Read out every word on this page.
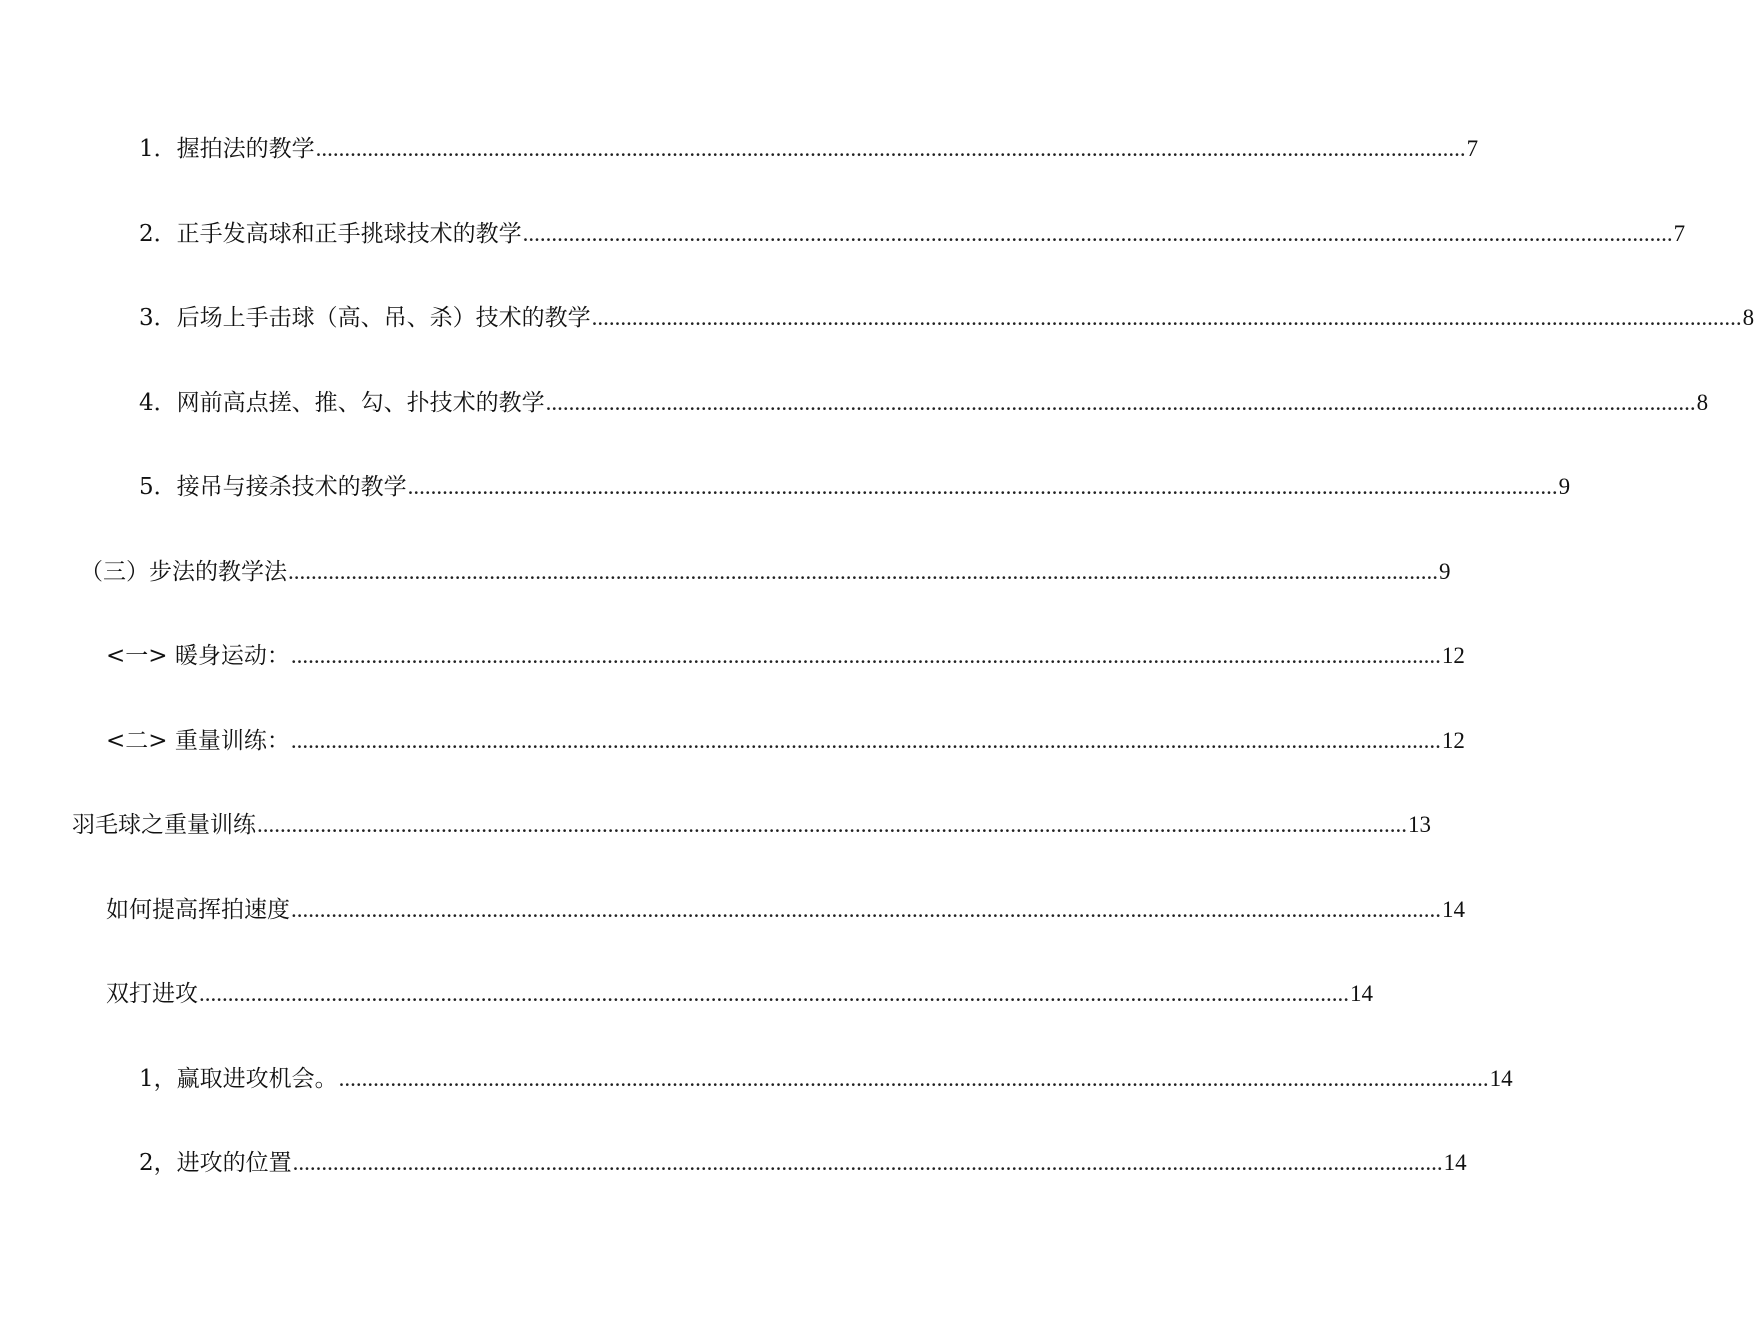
1．握拍法的教学 ........................................................................................................................................................................................................ 7
2．正手发高球和正手挑球技术的教学 ........................................................................................................................................................................................................ 7
3．后场上手击球（高、吊、杀）技术的教学 ........................................................................................................................................................................................................ 8
4．网前高点搓、推、勾、扑技术的教学 ........................................................................................................................................................................................................ 8
5．接吊与接杀技术的教学 ........................................................................................................................................................................................................ 9
（三）步法的教学法 ........................................................................................................................................................................................................ 9
<一> 暖身运动： ........................................................................................................................................................................................................ 12
<二> 重量训练： ........................................................................................................................................................................................................ 12
羽毛球之重量训练 ........................................................................................................................................................................................................ 13
如何提高挥拍速度 ........................................................................................................................................................................................................ 14
双打进攻 ........................................................................................................................................................................................................ 14
1，赢取进攻机会。 ........................................................................................................................................................................................................ 14
2，进攻的位置 ........................................................................................................................................................................................................ 14
